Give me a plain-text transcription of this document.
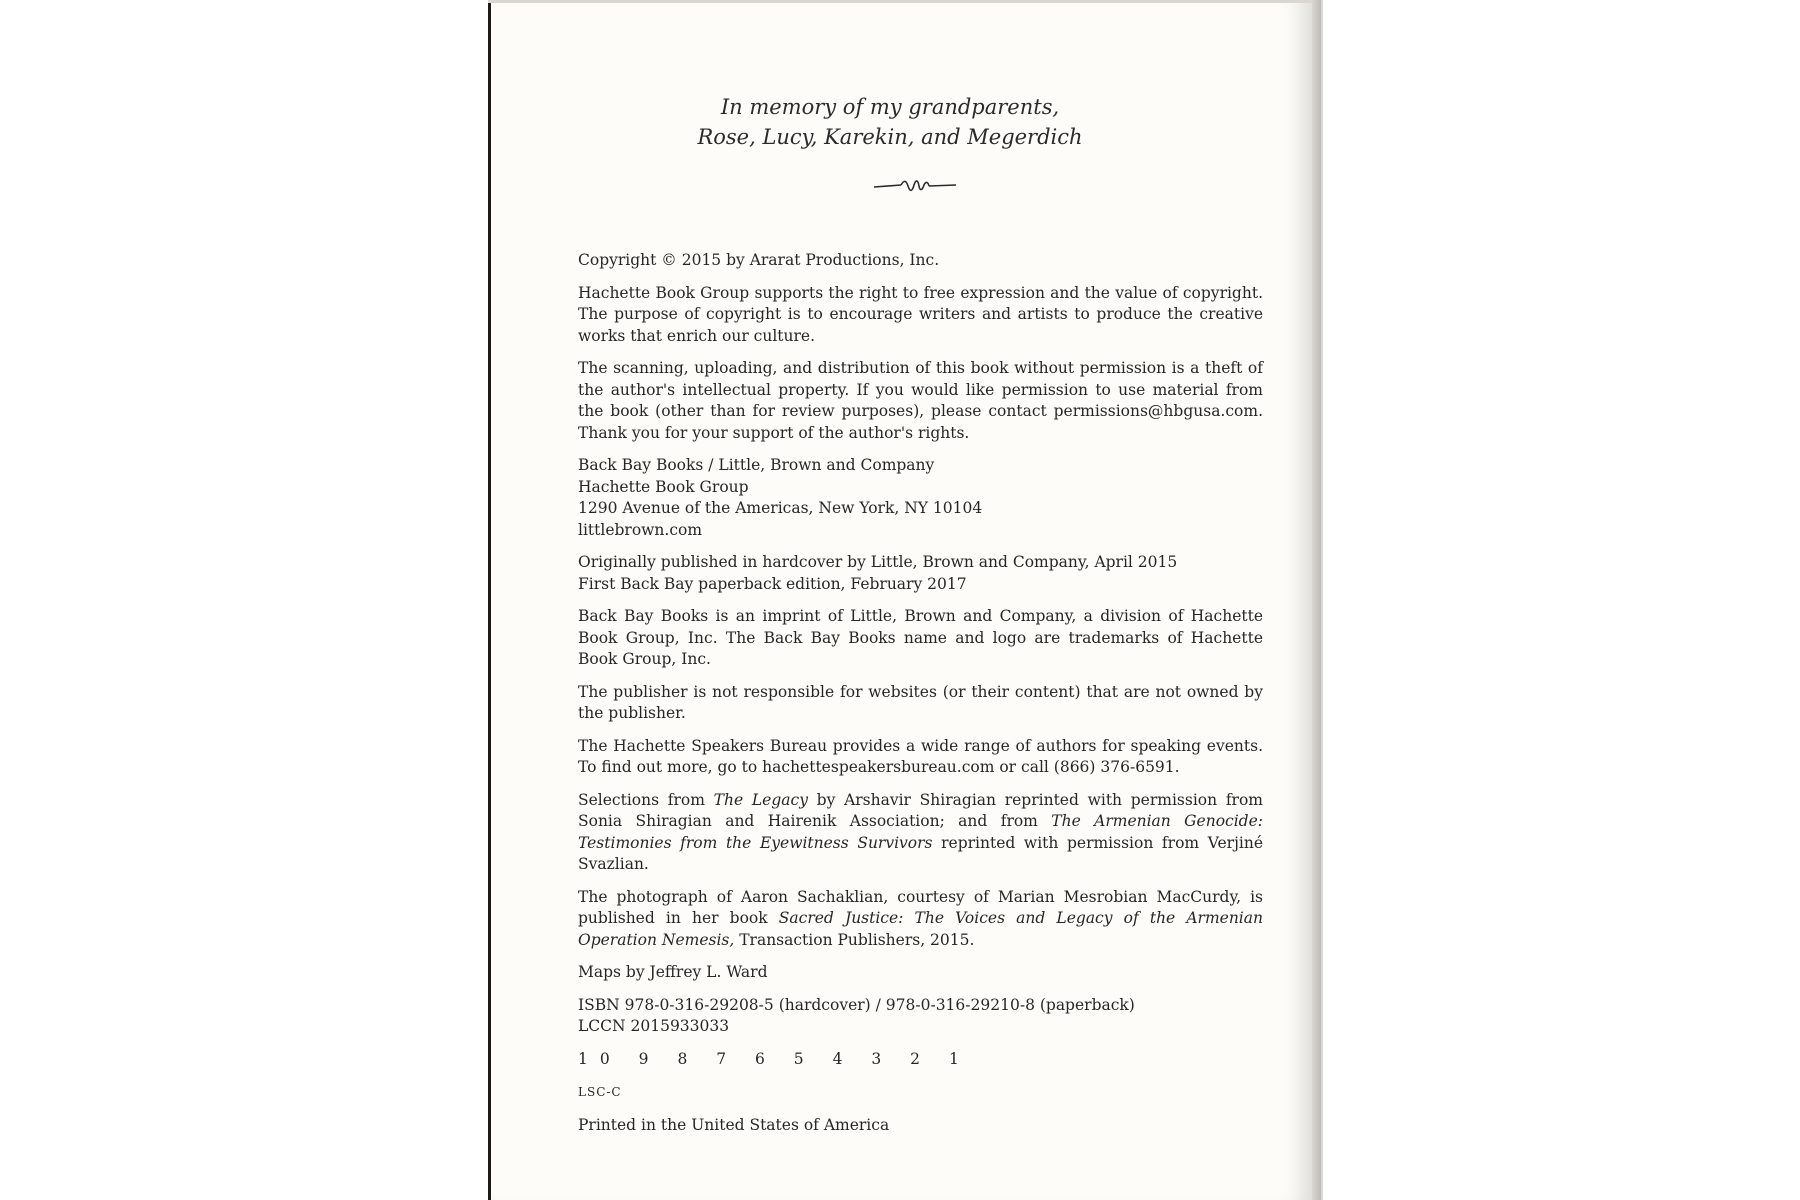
In memory of my grandparents,
Rose, Lucy, Karekin, and Megerdich

Copyright © 2015 by Ararat Productions, Inc.

Hachette Book Group supports the right to free expression and the value of copyright. The purpose of copyright is to encourage writers and artists to produce the creative works that enrich our culture.

The scanning, uploading, and distribution of this book without permission is a theft of the author's intellectual property. If you would like permission to use material from the book (other than for review purposes), please contact permissions@hbgusa.com. Thank you for your support of the author's rights.

Back Bay Books / Little, Brown and Company
Hachette Book Group
1290 Avenue of the Americas, New York, NY 10104
littlebrown.com

Originally published in hardcover by Little, Brown and Company, April 2015
First Back Bay paperback edition, February 2017

Back Bay Books is an imprint of Little, Brown and Company, a division of Hachette Book Group, Inc. The Back Bay Books name and logo are trademarks of Hachette Book Group, Inc.

The publisher is not responsible for websites (or their content) that are not owned by the publisher.

The Hachette Speakers Bureau provides a wide range of authors for speaking events. To find out more, go to hachettespeakersbureau.com or call (866) 376-6591.

Selections from The Legacy by Arshavir Shiragian reprinted with permission from Sonia Shiragian and Hairenik Association; and from The Armenian Genocide: Testimonies from the Eyewitness Survivors reprinted with permission from Verjiné Svazlian.

The photograph of Aaron Sachaklian, courtesy of Marian Mesrobian MacCurdy, is published in her book Sacred Justice: The Voices and Legacy of the Armenian Operation Nemesis, Transaction Publishers, 2015.

Maps by Jeffrey L. Ward

ISBN 978-0-316-29208-5 (hardcover) / 978-0-316-29210-8 (paperback)
LCCN 2015933033

10 9 8 7 6 5 4 3 2 1

LSC-C

Printed in the United States of America
